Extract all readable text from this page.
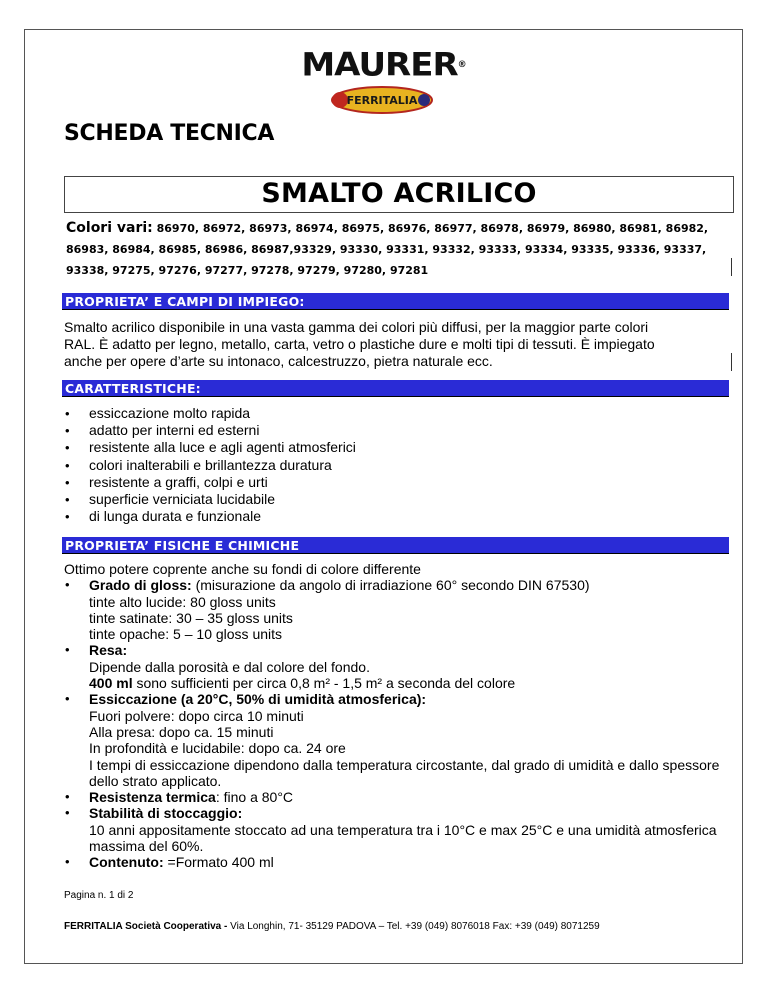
MAURER®
FERRITALIA
SCHEDA TECNICA
SMALTO ACRILICO
Colori vari: 86970, 86972, 86973, 86974, 86975, 86976, 86977, 86978, 86979, 86980, 86981, 86982,
86983, 86984, 86985, 86986, 86987,93329, 93330, 93331, 93332, 93333, 93334, 93335, 93336, 93337,
93338, 97275, 97276, 97277, 97278, 97279, 97280, 97281
PROPRIETA’ E CAMPI DI IMPIEGO:
Smalto acrilico disponibile in una vasta gamma dei colori più diffusi, per la maggior parte colori
RAL. È adatto per legno, metallo, carta, vetro o plastiche dure e molti tipi di tessuti. È impiegato
anche per opere d’arte su intonaco, calcestruzzo, pietra naturale ecc.
CARATTERISTICHE:
• essiccazione molto rapida
• adatto per interni ed esterni
• resistente alla luce e agli agenti atmosferici
• colori inalterabili e brillantezza duratura
• resistente a graffi, colpi e urti
• superficie verniciata lucidabile
• di lunga durata e funzionale
PROPRIETA’ FISICHE E CHIMICHE
Ottimo potere coprente anche su fondi di colore differente
• Grado di gloss: (misurazione da angolo di irradiazione 60° secondo DIN 67530)
tinte alto lucide: 80 gloss units
tinte satinate: 30 – 35 gloss units
tinte opache: 5 – 10 gloss units
• Resa:
Dipende dalla porosità e dal colore del fondo.
400 ml sono sufficienti per circa 0,8 m² - 1,5 m² a seconda del colore
• Essiccazione (a 20°C, 50% di umidità atmosferica):
Fuori polvere: dopo circa 10 minuti
Alla presa: dopo ca. 15 minuti
In profondità e lucidabile: dopo ca. 24 ore
I tempi di essiccazione dipendono dalla temperatura circostante, dal grado di umidità e dallo spessore dello strato applicato.
• Resistenza termica: fino a 80°C
• Stabilità di stoccaggio:
10 anni appositamente stoccato ad una temperatura tra i 10°C e max 25°C e una umidità atmosferica massima del 60%.
• Contenuto: =Formato 400 ml
Pagina n. 1 di 2
FERRITALIA Società Cooperativa - Via Longhin, 71- 35129 PADOVA – Tel. +39 (049) 8076018 Fax: +39 (049) 8071259
